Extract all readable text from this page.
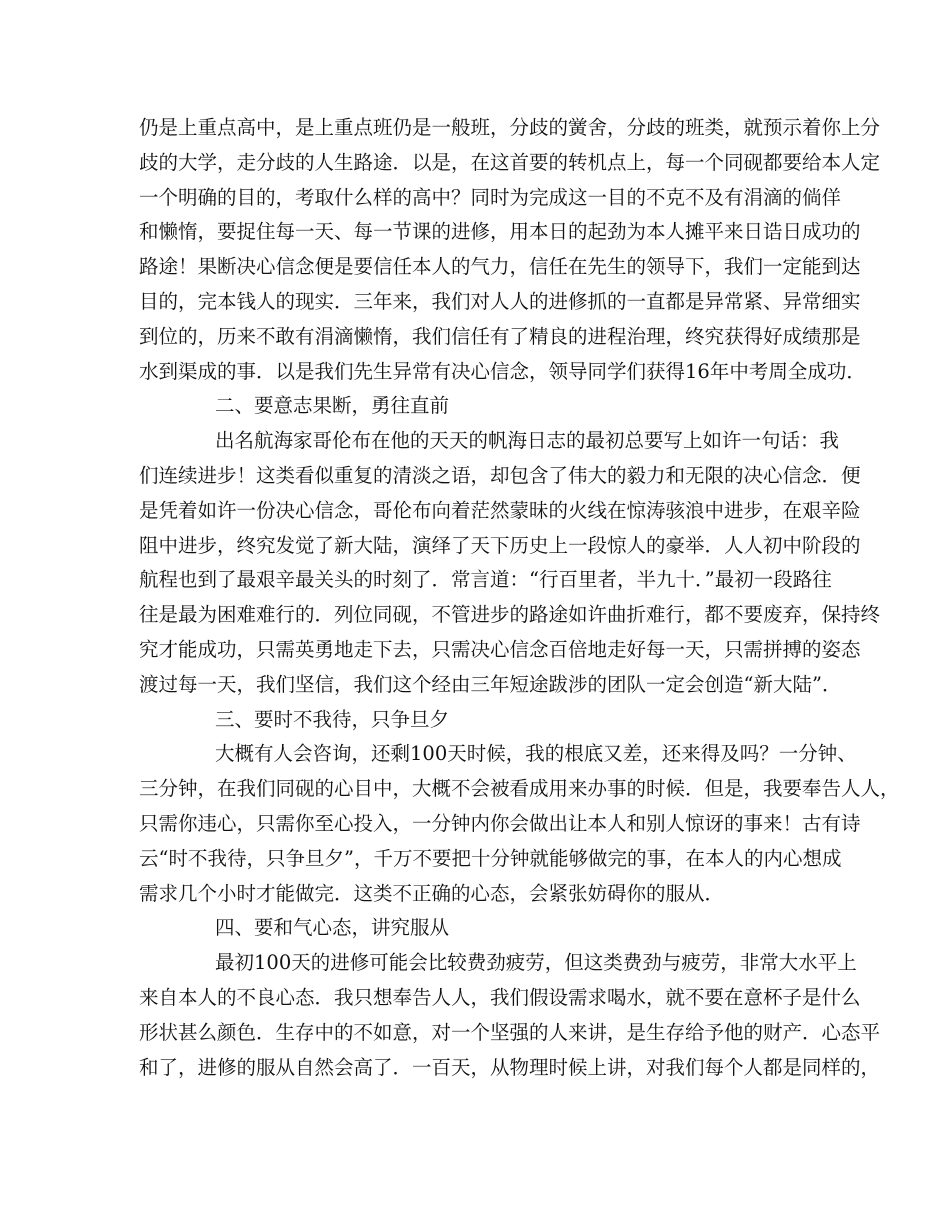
仍是上重点高中，是上重点班仍是一般班，分歧的黉舍，分歧的班类，就预示着你上分
歧的大学，走分歧的人生路途．以是，在这首要的转机点上，每一个同砚都要给本人定
一个明确的目的，考取什么样的高中？同时为完成这一目的不克不及有涓滴的倘佯
和懒惰，要捉住每一天、每一节课的进修，用本日的起劲为本人摊平来日诰日成功的
路途！果断决心信念便是要信任本人的气力，信任在先生的领导下，我们一定能到达
目的，完本钱人的现实．三年来，我们对人人的进修抓的一直都是异常紧、异常细实
到位的，历来不敢有涓滴懒惰，我们信任有了精良的进程治理，终究获得好成绩那是
水到渠成的事．以是我们先生异常有决心信念，领导同学们获得16年中考周全成功．
二、要意志果断，勇往直前
出名航海家哥伦布在他的天天的帆海日志的最初总要写上如许一句话：我
们连续进步！这类看似重复的清淡之语，却包含了伟大的毅力和无限的决心信念．便
是凭着如许一份决心信念，哥伦布向着茫然蒙昧的火线在惊涛骇浪中进步，在艰辛险
阻中进步，终究发觉了新大陆，演绎了天下历史上一段惊人的豪举．人人初中阶段的
航程也到了最艰辛最关头的时刻了．常言道：“行百里者，半九十．”最初一段路往
往是最为困难难行的．列位同砚，不管进步的路途如许曲折难行，都不要废弃，保持终
究才能成功，只需英勇地走下去，只需决心信念百倍地走好每一天，只需拼搏的姿态
渡过每一天，我们坚信，我们这个经由三年短途跋涉的团队一定会创造“新大陆”．
三、要时不我待，只争旦夕
大概有人会咨询，还剩100天时候，我的根底又差，还来得及吗？一分钟、
三分钟，在我们同砚的心目中，大概不会被看成用来办事的时候．但是，我要奉告人人，
只需你违心，只需你至心投入，一分钟内你会做出让本人和别人惊讶的事来！古有诗
云“时不我待，只争旦夕”，千万不要把十分钟就能够做完的事，在本人的内心想成
需求几个小时才能做完．这类不正确的心态，会紧张妨碍你的服从．
四、要和气心态，讲究服从
最初100天的进修可能会比较费劲疲劳，但这类费劲与疲劳，非常大水平上
来自本人的不良心态．我只想奉告人人，我们假设需求喝水，就不要在意杯子是什么
形状甚么颜色．生存中的不如意，对一个坚强的人来讲，是生存给予他的财产．心态平
和了，进修的服从自然会高了．一百天，从物理时候上讲，对我们每个人都是同样的，
